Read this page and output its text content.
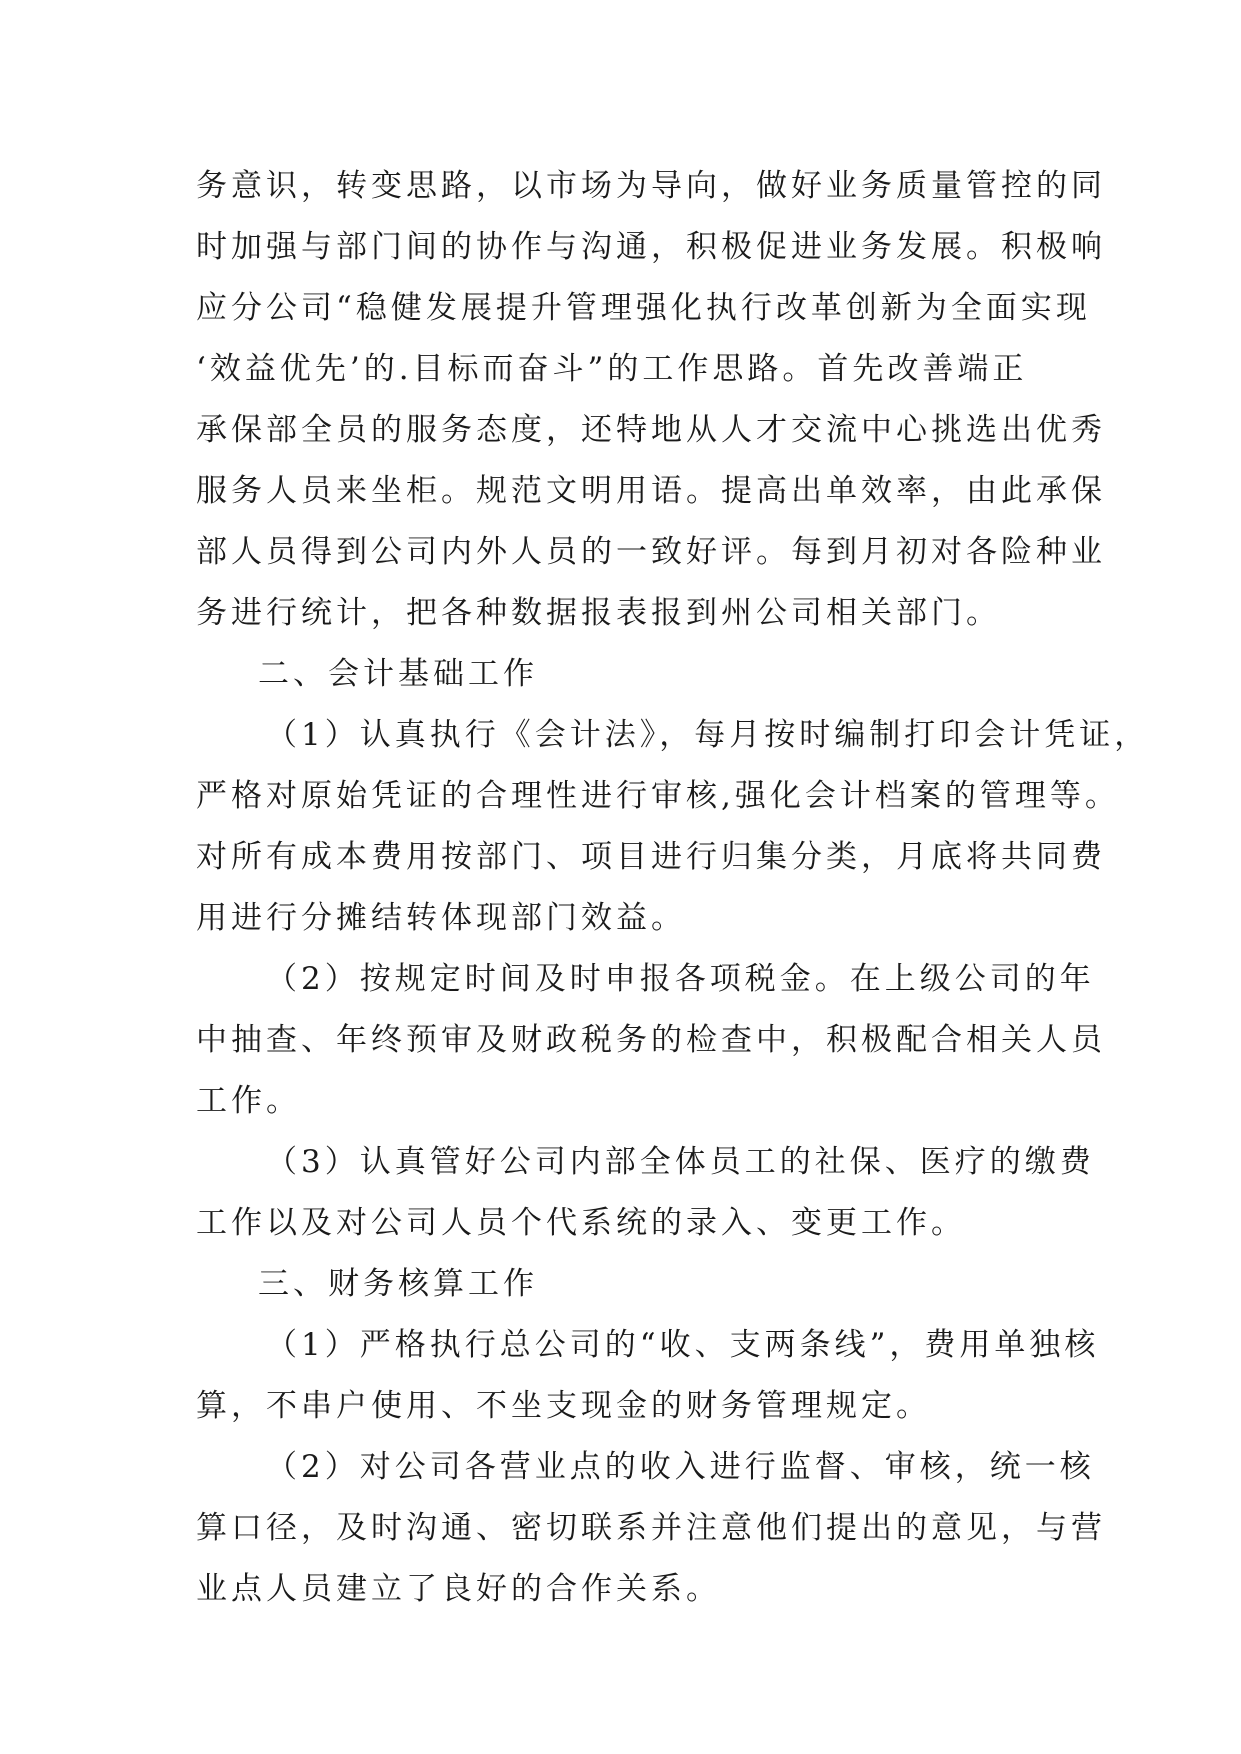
务意识，转变思路，以市场为导向，做好业务质量管控的同
时加强与部门间的协作与沟通，积极促进业务发展。积极响
应分公司“稳健发展提升管理强化执行改革创新为全面实现
‘效益优先’的.目标而奋斗”的工作思路。首先改善端正
承保部全员的服务态度，还特地从人才交流中心挑选出优秀
服务人员来坐柜。规范文明用语。提高出单效率，由此承保
部人员得到公司内外人员的一致好评。每到月初对各险种业
务进行统计，把各种数据报表报到州公司相关部门。
二、会计基础工作
（1）认真执行《会计法》，每月按时编制打印会计凭证，
严格对原始凭证的合理性进行审核,强化会计档案的管理等。
对所有成本费用按部门、项目进行归集分类，月底将共同费
用进行分摊结转体现部门效益。
（2）按规定时间及时申报各项税金。在上级公司的年
中抽查、年终预审及财政税务的检查中，积极配合相关人员
工作。
（3）认真管好公司内部全体员工的社保、医疗的缴费
工作以及对公司人员个代系统的录入、变更工作。
三、财务核算工作
（1）严格执行总公司的“收、支两条线”，费用单独核
算，不串户使用、不坐支现金的财务管理规定。
（2）对公司各营业点的收入进行监督、审核，统一核
算口径，及时沟通、密切联系并注意他们提出的意见，与营
业点人员建立了良好的合作关系。
